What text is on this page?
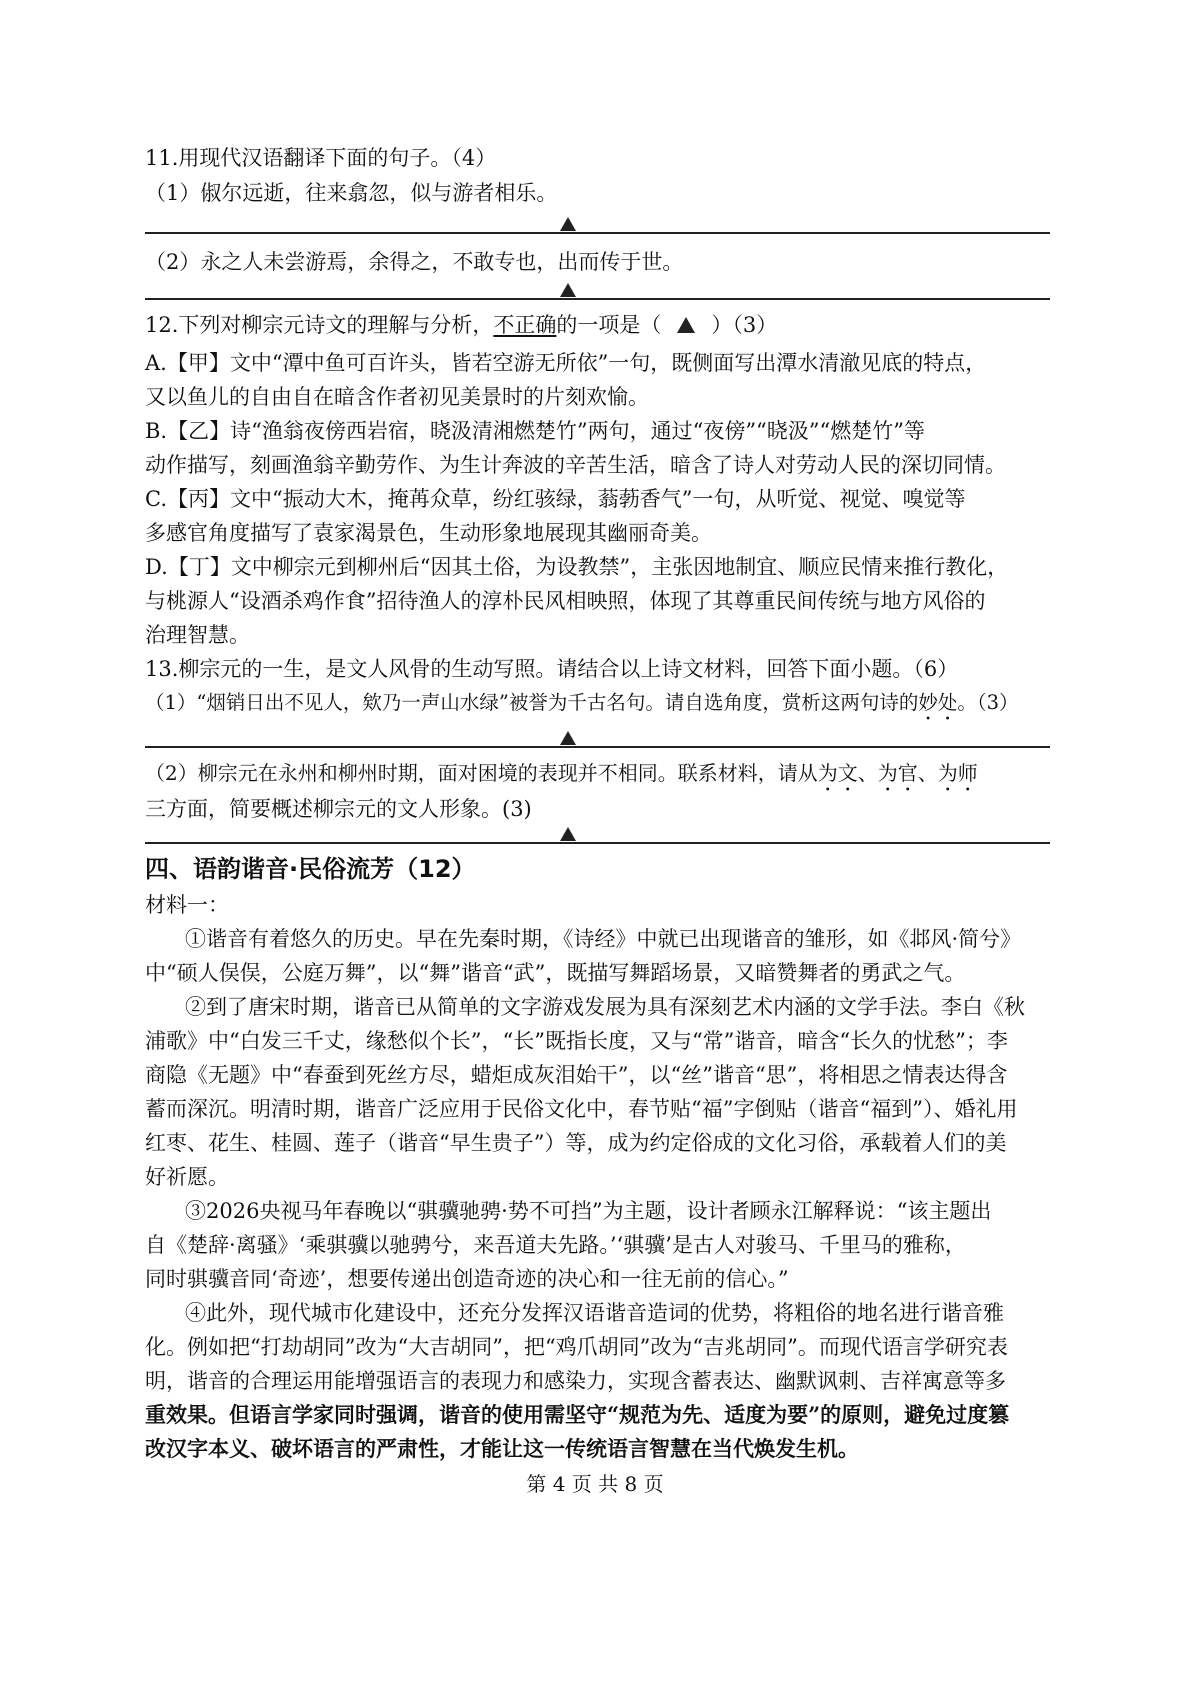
11.用现代汉语翻译下面的句子。（4）
（1）俶尔远逝，往来翕忽，似与游者相乐。
（2）永之人未尝游焉，余得之，不敢专也，出而传于世。
12.下列对柳宗元诗文的理解与分析，不正确的一项是（ ）（3）
A.【甲】文中“潭中鱼可百许头，皆若空游无所依”一句，既侧面写出潭水清澈见底的特点，
又以鱼儿的自由自在暗含作者初见美景时的片刻欢愉。
B.【乙】诗“渔翁夜傍西岩宿，晓汲清湘燃楚竹”两句，通过“夜傍”“晓汲”“燃楚竹”等
动作描写，刻画渔翁辛勤劳作、为生计奔波的辛苦生活，暗含了诗人对劳动人民的深切同情。
C.【丙】文中“振动大木，掩苒众草，纷红骇绿，蓊葧香气”一句，从听觉、视觉、嗅觉等
多感官角度描写了袁家渴景色，生动形象地展现其幽丽奇美。
D.【丁】文中柳宗元到柳州后“因其土俗，为设教禁”，主张因地制宜、顺应民情来推行教化，
与桃源人“设酒杀鸡作食”招待渔人的淳朴民风相映照，体现了其尊重民间传统与地方风俗的
治理智慧。
13.柳宗元的一生，是文人风骨的生动写照。请结合以上诗文材料，回答下面小题。（6）
（1）“烟销日出不见人，欸乃一声山水绿”被誉为千古名句。请自选角度，赏析这两句诗的妙处。（3）
（2）柳宗元在永州和柳州时期，面对困境的表现并不相同。联系材料，请从为文、为官、为师
三方面，简要概述柳宗元的文人形象。(3)
四、语韵谐音·民俗流芳（12）
材料一：
①谐音有着悠久的历史。早在先秦时期，《诗经》中就已出现谐音的雏形，如《邶风·简兮》
中“硕人俣俣，公庭万舞”，以“舞”谐音“武”，既描写舞蹈场景，又暗赞舞者的勇武之气。
②到了唐宋时期，谐音已从简单的文字游戏发展为具有深刻艺术内涵的文学手法。李白《秋
浦歌》中“白发三千丈，缘愁似个长”，“长”既指长度，又与“常”谐音，暗含“长久的忧愁”；李
商隐《无题》中“春蚕到死丝方尽，蜡炬成灰泪始干”，以“丝”谐音“思”，将相思之情表达得含
蓄而深沉。明清时期，谐音广泛应用于民俗文化中，春节贴“福”字倒贴（谐音“福到”）、婚礼用
红枣、花生、桂圆、莲子（谐音“早生贵子”）等，成为约定俗成的文化习俗，承载着人们的美
好祈愿。
③2026央视马年春晚以“骐骥驰骋·势不可挡”为主题，设计者顾永江解释说：“该主题出
自《楚辞·离骚》‘乘骐骥以驰骋兮，来吾道夫先路。’‘骐骥’是古人对骏马、千里马的雅称，
同时骐骥音同‘奇迹’，想要传递出创造奇迹的决心和一往无前的信心。”
④此外，现代城市化建设中，还充分发挥汉语谐音造词的优势，将粗俗的地名进行谐音雅
化。例如把“打劫胡同”改为“大吉胡同”，把“鸡爪胡同”改为“吉兆胡同”。而现代语言学研究表
明，谐音的合理运用能增强语言的表现力和感染力，实现含蓄表达、幽默讽刺、吉祥寓意等多
重效果。但语言学家同时强调，谐音的使用需坚守“规范为先、适度为要”的原则，避免过度篡
改汉字本义、破坏语言的严肃性，才能让这一传统语言智慧在当代焕发生机。
第 4 页 共 8 页
